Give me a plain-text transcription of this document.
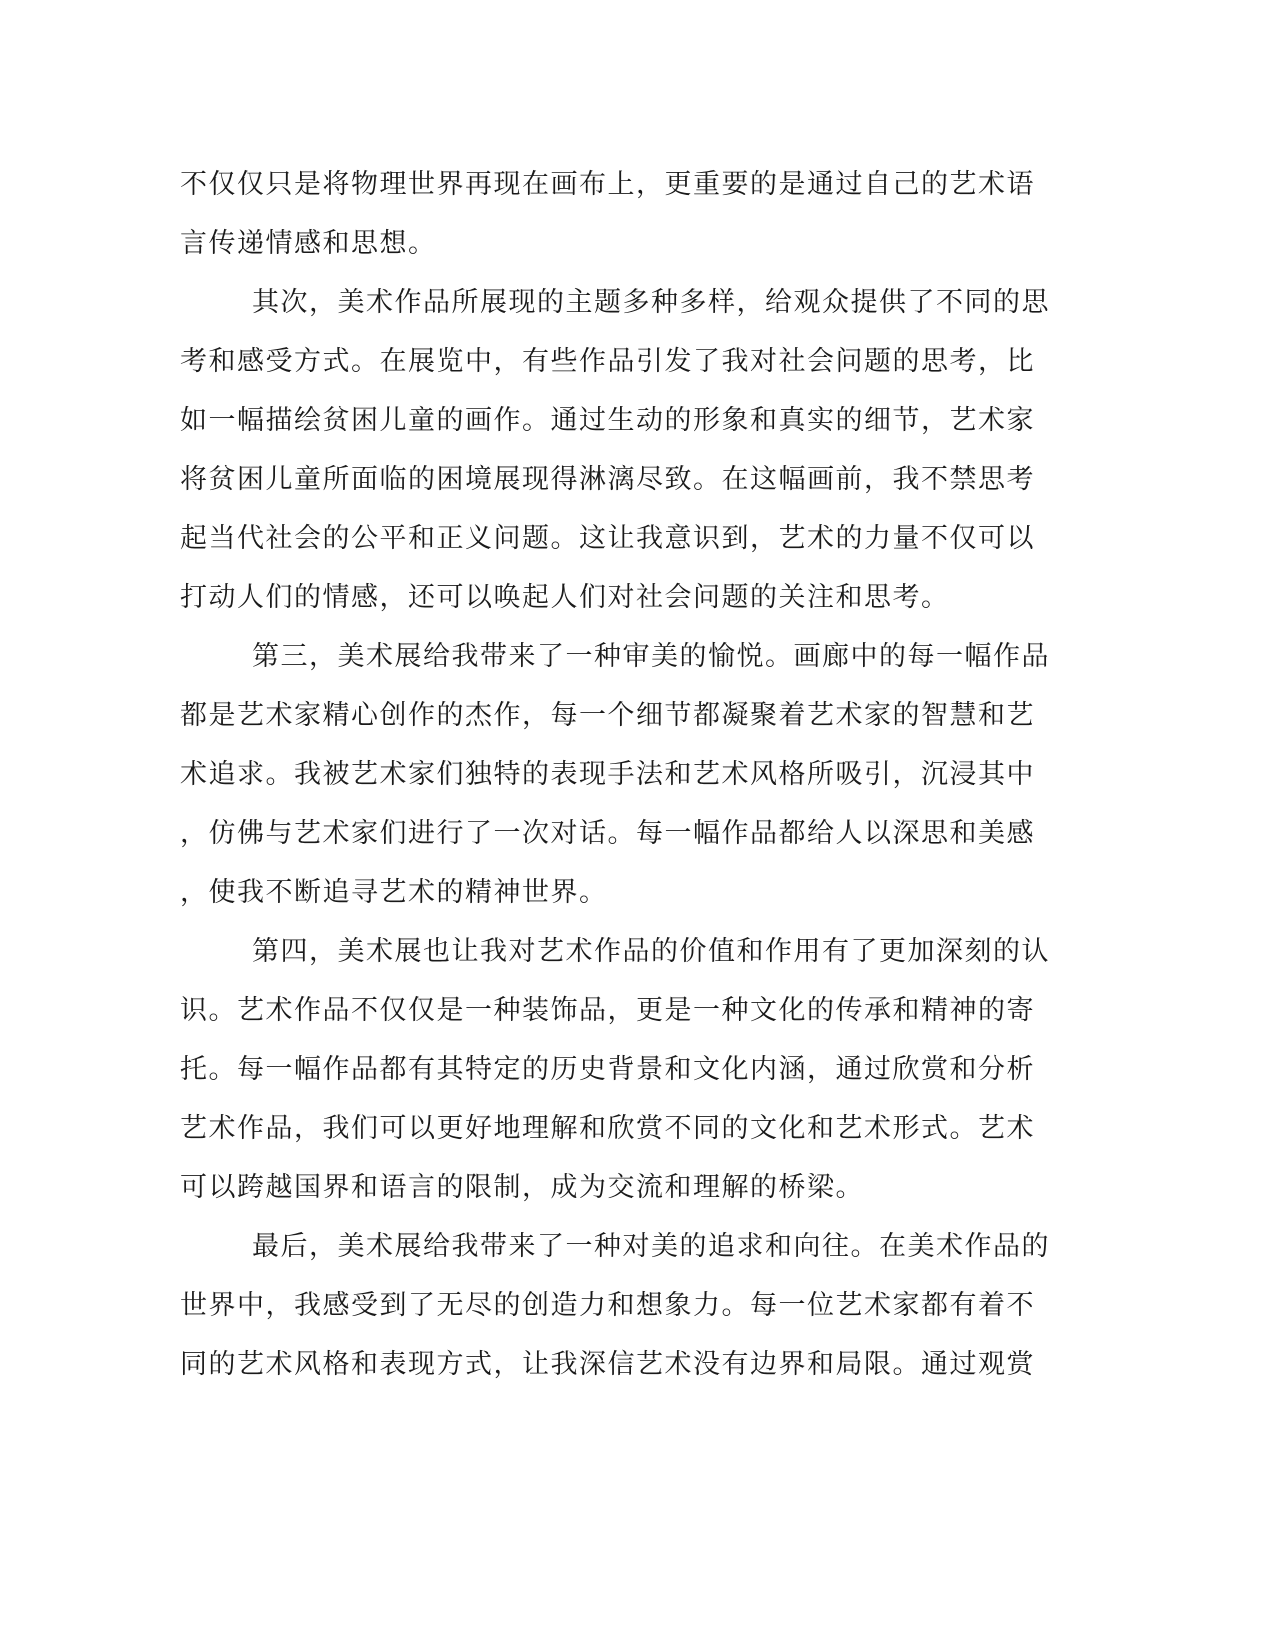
不仅仅只是将物理世界再现在画布上，更重要的是通过自己的艺术语
言传递情感和思想。
其次，美术作品所展现的主题多种多样，给观众提供了不同的思
考和感受方式。在展览中，有些作品引发了我对社会问题的思考，比
如一幅描绘贫困儿童的画作。通过生动的形象和真实的细节，艺术家
将贫困儿童所面临的困境展现得淋漓尽致。在这幅画前，我不禁思考
起当代社会的公平和正义问题。这让我意识到，艺术的力量不仅可以
打动人们的情感，还可以唤起人们对社会问题的关注和思考。
第三，美术展给我带来了一种审美的愉悦。画廊中的每一幅作品
都是艺术家精心创作的杰作，每一个细节都凝聚着艺术家的智慧和艺
术追求。我被艺术家们独特的表现手法和艺术风格所吸引，沉浸其中
，仿佛与艺术家们进行了一次对话。每一幅作品都给人以深思和美感
，使我不断追寻艺术的精神世界。
第四，美术展也让我对艺术作品的价值和作用有了更加深刻的认
识。艺术作品不仅仅是一种装饰品，更是一种文化的传承和精神的寄
托。每一幅作品都有其特定的历史背景和文化内涵，通过欣赏和分析
艺术作品，我们可以更好地理解和欣赏不同的文化和艺术形式。艺术
可以跨越国界和语言的限制，成为交流和理解的桥梁。
最后，美术展给我带来了一种对美的追求和向往。在美术作品的
世界中，我感受到了无尽的创造力和想象力。每一位艺术家都有着不
同的艺术风格和表现方式，让我深信艺术没有边界和局限。通过观赏
